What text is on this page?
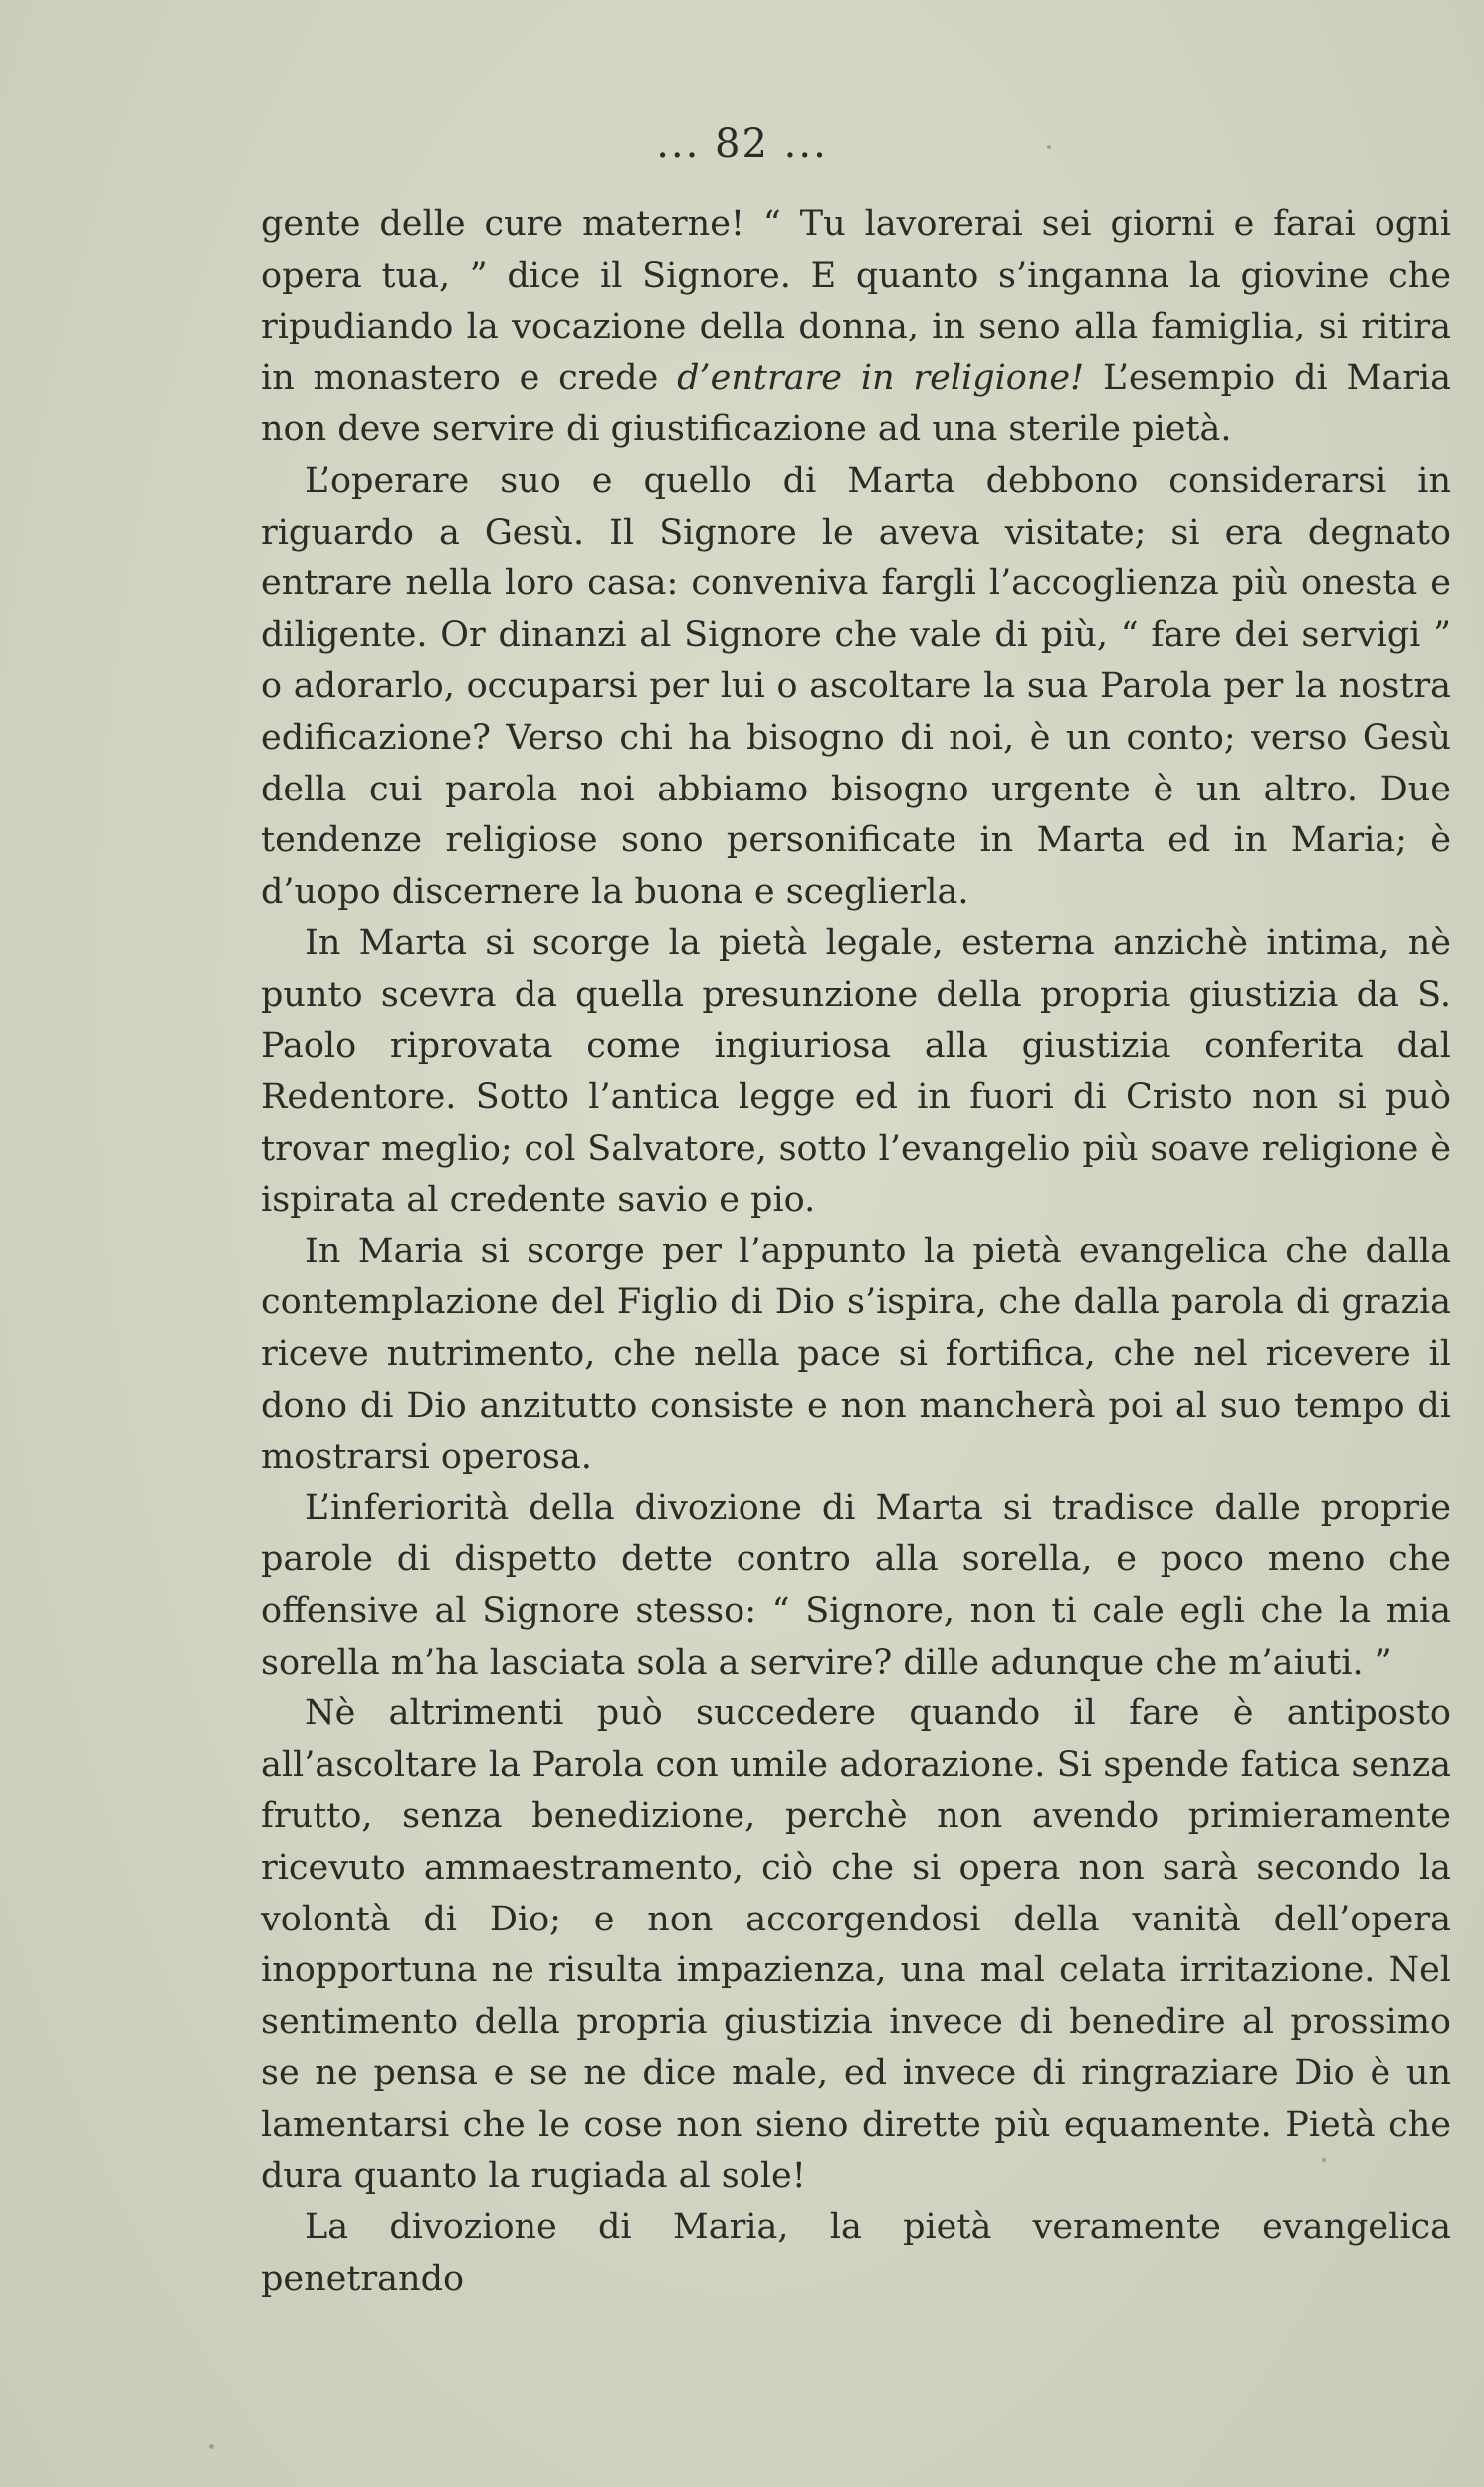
... 82 ...

gente delle cure materne! “ Tu lavorerai sei giorni e farai ogni opera tua, ” dice il Signore. E quanto s’inganna la giovine che ripudiando la vocazione della donna, in seno alla famiglia, si ritira in monastero e crede d’entrare in religione! L’esempio di Maria non deve servire di giustificazione ad una sterile pietà.

L’operare suo e quello di Marta debbono considerarsi in riguardo a Gesù. Il Signore le aveva visitate; si era degnato entrare nella loro casa: conveniva fargli l’accoglienza più onesta e diligente. Or dinanzi al Signore che vale di più, “ fare dei servigi ” o adorarlo, occuparsi per lui o ascoltare la sua Parola per la nostra edificazione? Verso chi ha bisogno di noi, è un conto; verso Gesù della cui parola noi abbiamo bisogno urgente è un altro. Due tendenze religiose sono personificate in Marta ed in Maria; è d’uopo discernere la buona e sceglierla.

In Marta si scorge la pietà legale, esterna anzichè intima, nè punto scevra da quella presunzione della propria giustizia da S. Paolo riprovata come ingiuriosa alla giustizia conferita dal Redentore. Sotto l’antica legge ed in fuori di Cristo non si può trovar meglio; col Salvatore, sotto l’evangelio più soave religione è ispirata al credente savio e pio.

In Maria si scorge per l’appunto la pietà evangelica che dalla contemplazione del Figlio di Dio s’ispira, che dalla parola di grazia riceve nutrimento, che nella pace si fortifica, che nel ricevere il dono di Dio anzitutto consiste e non mancherà poi al suo tempo di mostrarsi operosa.

L’inferiorità della divozione di Marta si tradisce dalle proprie parole di dispetto dette contro alla sorella, e poco meno che offensive al Signore stesso: “ Signore, non ti cale egli che la mia sorella m’ha lasciata sola a servire? dille adunque che m’aiuti. ”

Nè altrimenti può succedere quando il fare è antiposto all’ascoltare la Parola con umile adorazione. Si spende fatica senza frutto, senza benedizione, perchè non avendo primieramente ricevuto ammaestramento, ciò che si opera non sarà secondo la volontà di Dio; e non accorgendosi della vanità dell’opera inopportuna ne risulta impazienza, una mal celata irritazione. Nel sentimento della propria giustizia invece di benedire al prossimo se ne pensa e se ne dice male, ed invece di ringraziare Dio è un lamentarsi che le cose non sieno dirette più equamente. Pietà che dura quanto la rugiada al sole!

La divozione di Maria, la pietà veramente evangelica penetrando
